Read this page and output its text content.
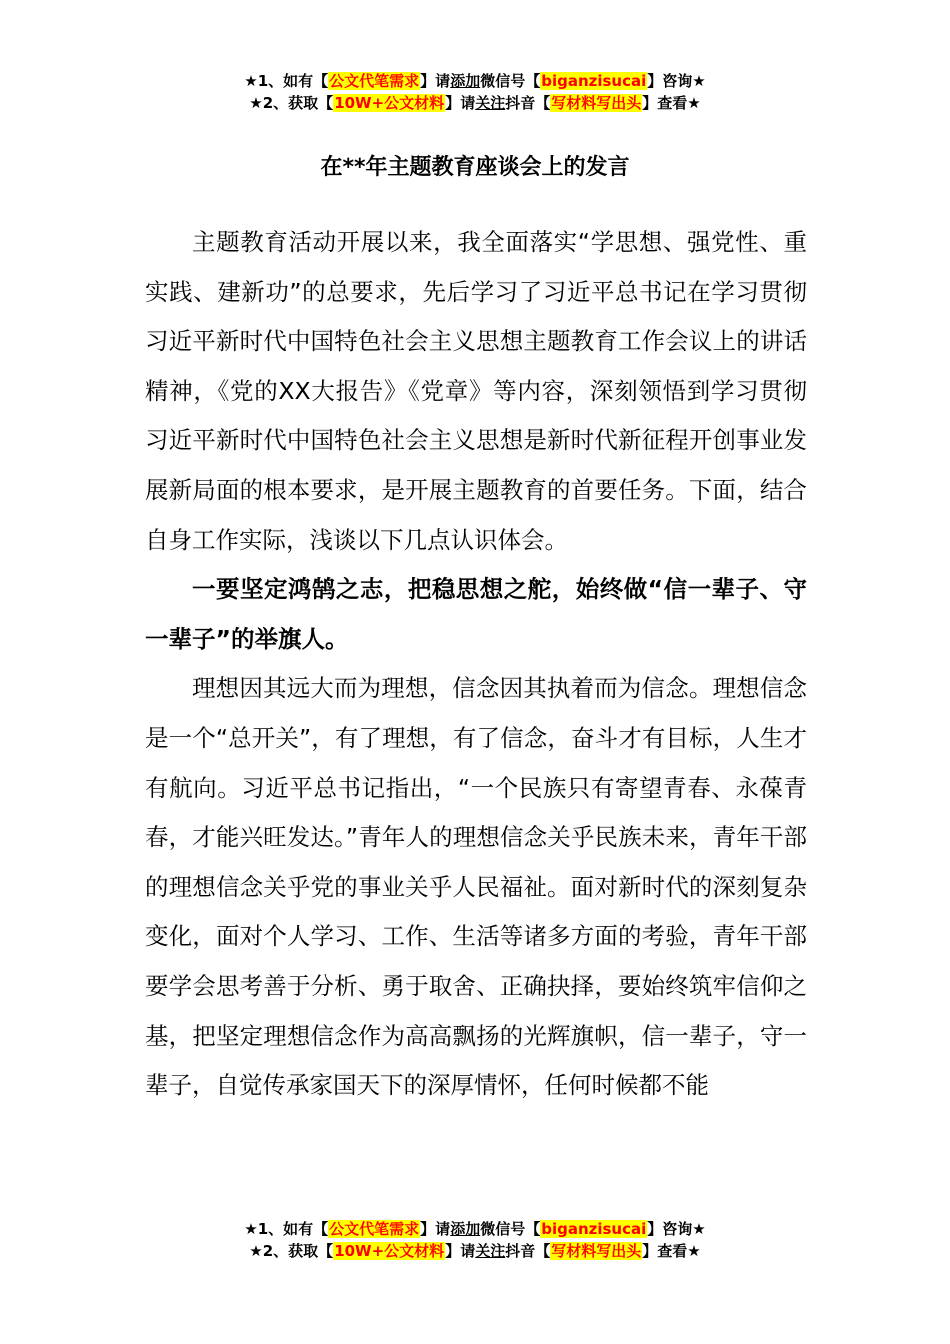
★1、如有【公文代笔需求】请添加微信号【biganzisucai】咨询★
★2、获取【10W+公文材料】请关注抖音【写材料写出头】查看★
在**年主题教育座谈会上的发言

主题教育活动开展以来，我全面落实“学思想、强党性、重实践、建新功”的总要求，先后学习了习近平总书记在学习贯彻习近平新时代中国特色社会主义思想主题教育工作会议上的讲话精神，《党的XX大报告》《党章》等内容，深刻领悟到学习贯彻习近平新时代中国特色社会主义思想是新时代新征程开创事业发展新局面的根本要求，是开展主题教育的首要任务。下面，结合自身工作实际，浅谈以下几点认识体会。

一要坚定鸿鹄之志，把稳思想之舵，始终做“信一辈子、守一辈子”的举旗人。

理想因其远大而为理想，信念因其执着而为信念。理想信念是一个“总开关”，有了理想，有了信念，奋斗才有目标，人生才有航向。习近平总书记指出，“一个民族只有寄望青春、永葆青春，才能兴旺发达。”青年人的理想信念关乎民族未来，青年干部的理想信念关乎党的事业关乎人民福祉。面对新时代的深刻复杂变化，面对个人学习、工作、生活等诸多方面的考验，青年干部要学会思考善于分析、勇于取舍、正确抉择，要始终筑牢信仰之基，把坚定理想信念作为高高飘扬的光辉旗帜，信一辈子，守一辈子，自觉传承家国天下的深厚情怀，任何时候都不能

★1、如有【公文代笔需求】请添加微信号【biganzisucai】咨询★
★2、获取【10W+公文材料】请关注抖音【写材料写出头】查看★
